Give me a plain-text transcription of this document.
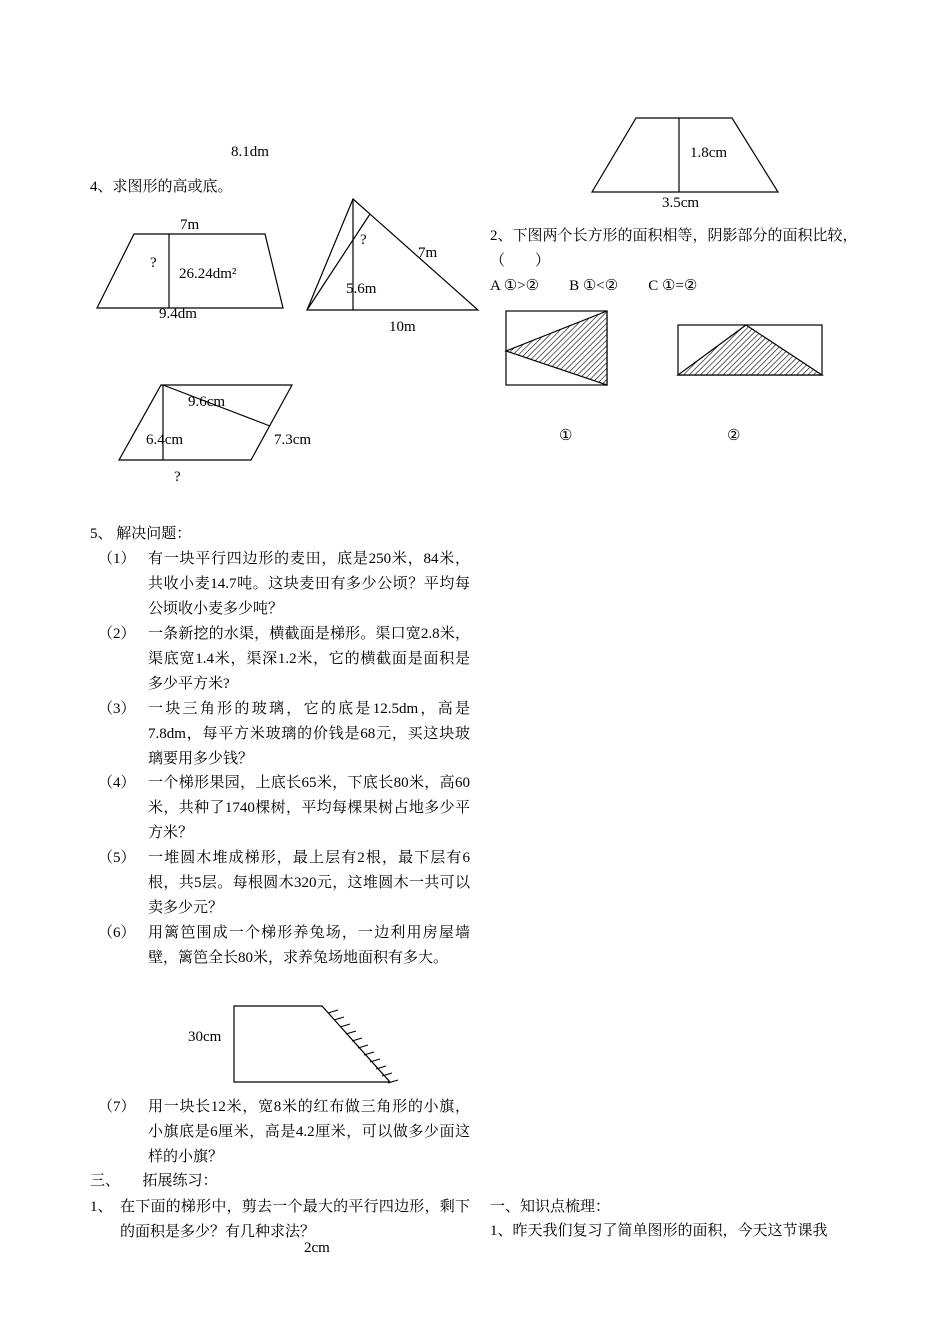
8.1dm
4、求图形的高或底。
7m
?
26.24dm²
9.4dm
?
7m
5.6m
10m
9.6cm
6.4cm	7.3cm
?
5、 解决问题：
（1） 有一块平行四边形的麦田，底是250米，84米，共收小麦14.7吨。这块麦田有多少公顷？平均每公顷收小麦多少吨？
（2） 一条新挖的水渠，横截面是梯形。渠口宽2.8米，渠底宽1.4米，渠深1.2米，它的横截面是面积是多少平方米?
（3） 一块三角形的玻璃，它的底是12.5dm，高是7.8dm，每平方米玻璃的价钱是68元，买这块玻璃要用多少钱？
（4） 一个梯形果园，上底长65米，下底长80米，高60米，共种了1740棵树，平均每棵果树占地多少平方米？
（5） 一堆圆木堆成梯形，最上层有2根，最下层有6根，共5层。每根圆木320元，这堆圆木一共可以卖多少元？
（6） 用篱笆围成一个梯形养兔场，一边利用房屋墙壁，篱笆全长80米，求养兔场地面积有多大。
30cm
（7） 用一块长12米，宽8米的红布做三角形的小旗，小旗底是6厘米，高是4.2厘米，可以做多少面这样的小旗？
三、　　拓展练习：
1、 在下面的梯形中，剪去一个最大的平行四边形，剩下的面积是多少？有几种求法？
2cm
1.8cm
3.5cm
2、下图两个长方形的面积相等，阴影部分的面积比较，（　　）
A ①>②　　B ①<②　　C ①=②
①	②
一、知识点梳理：
1、昨天我们复习了简单图形的面积，今天这节课我
